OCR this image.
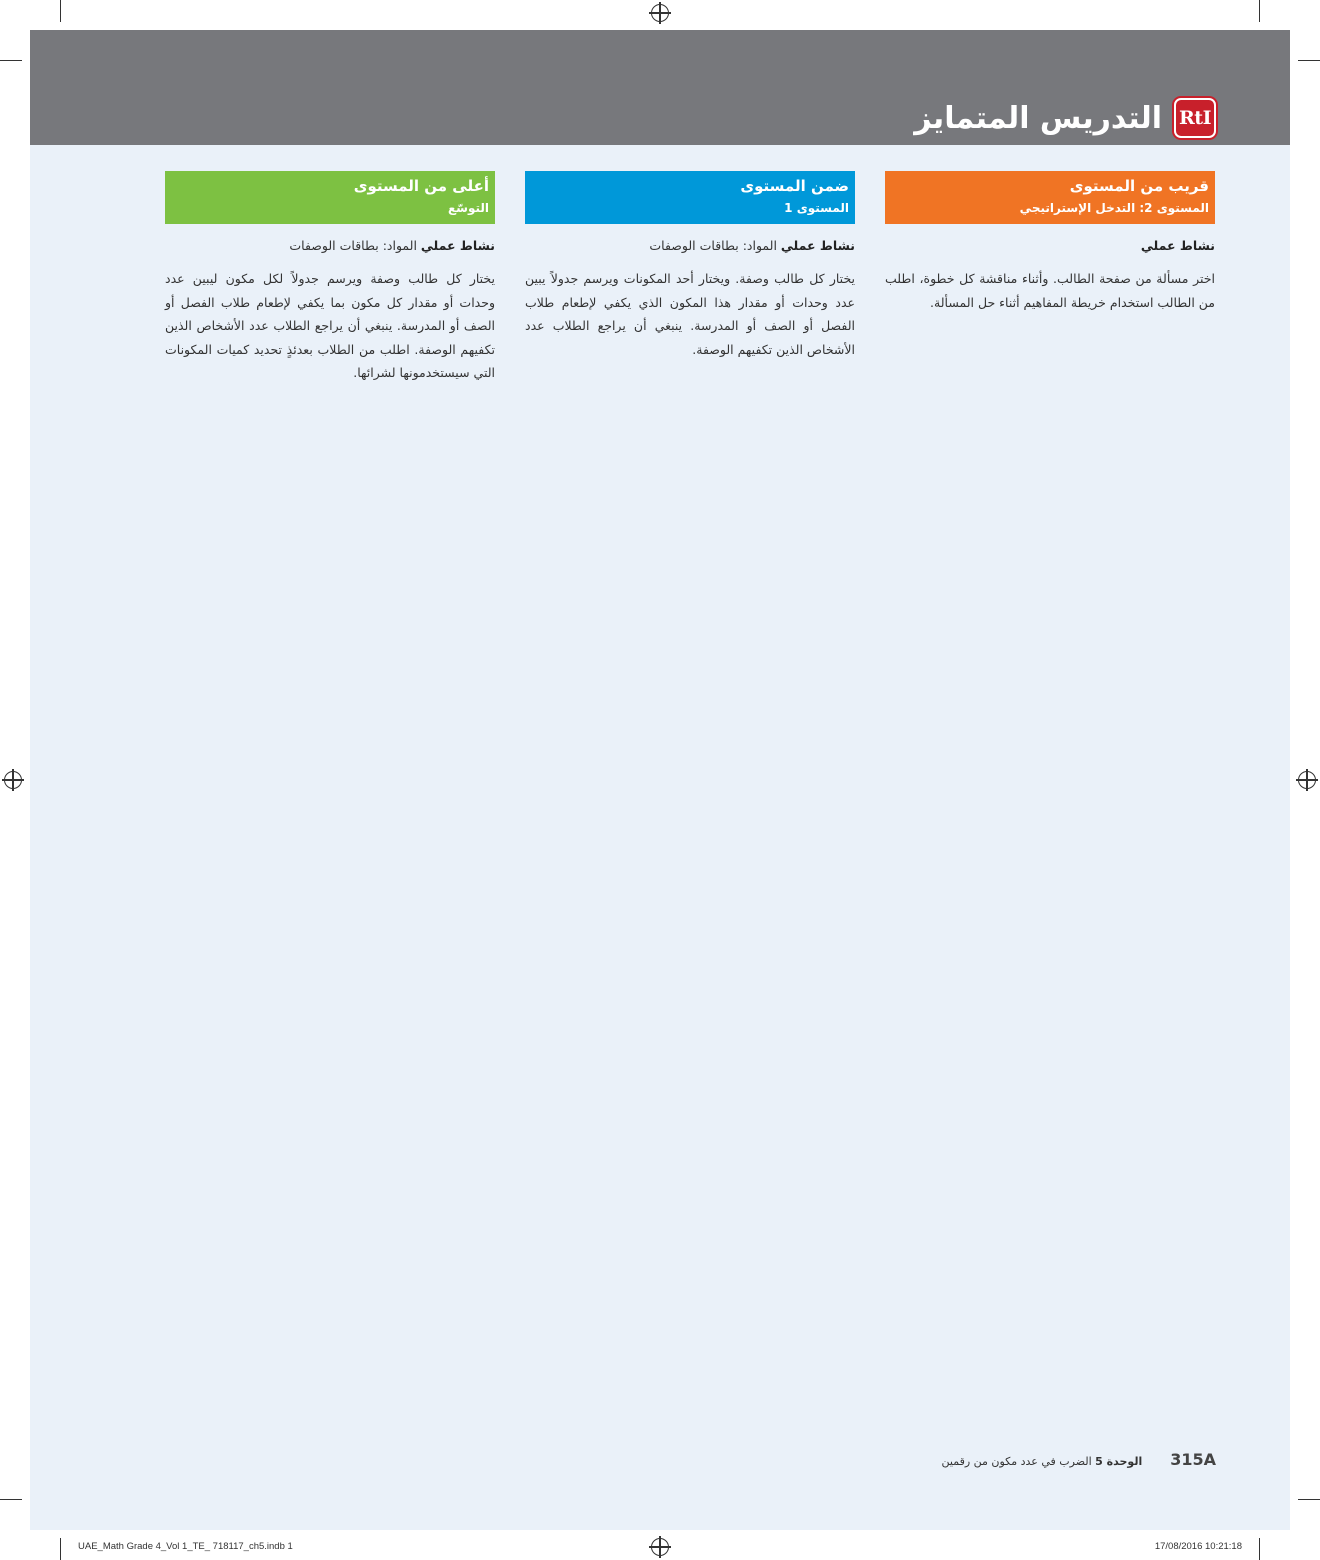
RtI
التدريس المتمايز
قريب من المستوى
المستوى 2: التدخل الإستراتيجي
نشاط عملي
اختر مسألة من صفحة الطالب. وأثناء مناقشة كل خطوة، اطلب من الطالب استخدام خريطة المفاهيم أثناء حل المسألة.
ضمن المستوى
المستوى 1
نشاط عملي المواد: بطاقات الوصفات
يختار كل طالب وصفة. ويختار أحد المكونات ويرسم جدولاً يبين عدد وحدات أو مقدار هذا المكون الذي يكفي لإطعام طلاب الفصل أو الصف أو المدرسة. ينبغي أن يراجع الطلاب عدد الأشخاص الذين تكفيهم الوصفة.
أعلى من المستوى
التوسّع
نشاط عملي المواد: بطاقات الوصفات
يختار كل طالب وصفة ويرسم جدولاً لكل مكون ليبين عدد وحدات أو مقدار كل مكون بما يكفي لإطعام طلاب الفصل أو الصف أو المدرسة. ينبغي أن يراجع الطلاب عدد الأشخاص الذين تكفيهم الوصفة. اطلب من الطلاب بعدئذٍ تحديد كميات المكونات التي سيستخدمونها لشرائها.
315A
الوحدة 5 الضرب في عدد مكون من رقمين
UAE_Math Grade 4_Vol 1_TE_ 718117_ch5.indb 1	17/08/2016 10:21:18
